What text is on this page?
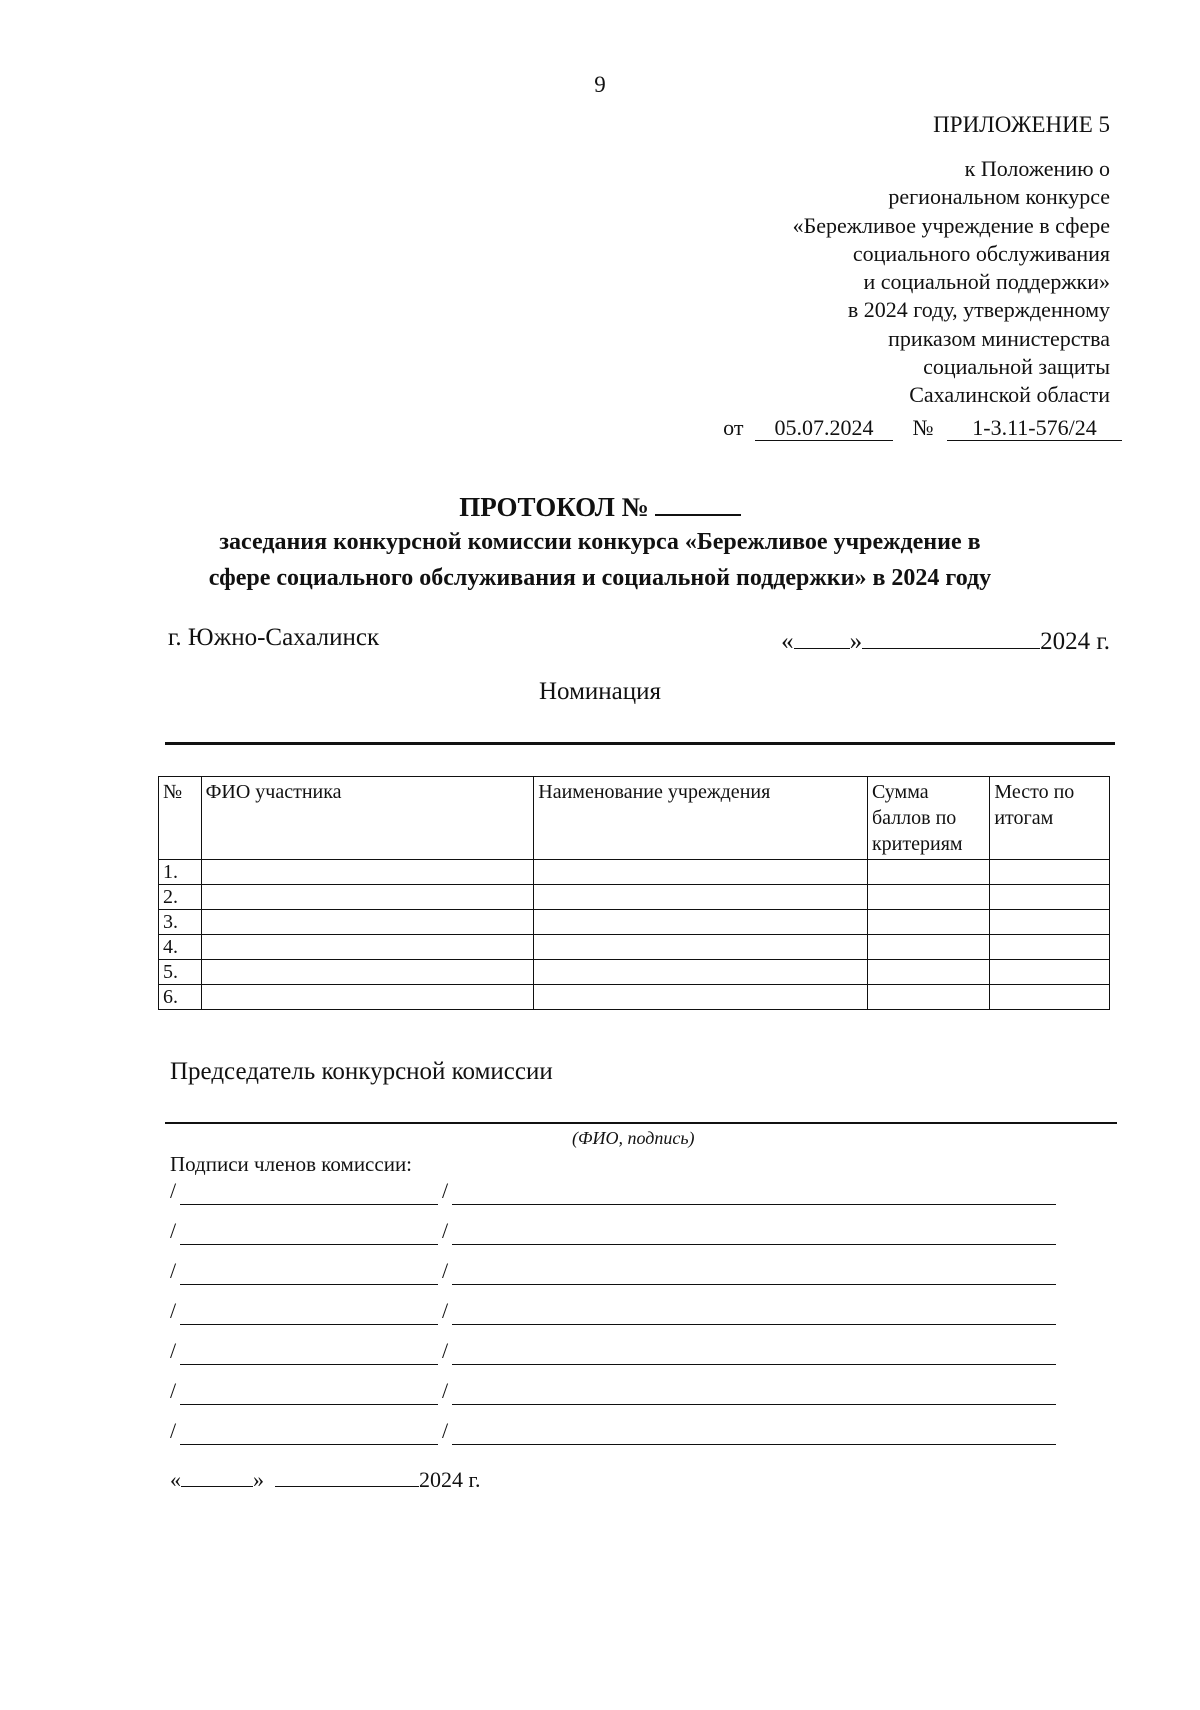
9
ПРИЛОЖЕНИЕ 5
к Положению о
региональном конкурсе
«Бережливое учреждение в сфере
социального обслуживания
и социальной поддержки»
в 2024 году, утвержденному
приказом министерства
социальной защиты
Сахалинской области
от 05.07.2024 № 1-3.11-576/24
ПРОТОКОЛ №
заседания конкурсной комиссии конкурса «Бережливое учреждение в
сфере социального обслуживания и социальной поддержки» в 2024 году
г. Южно-Сахалинск	« »	2024 г.
Номинация
№	ФИО участника	Наименование учреждения	Сумма баллов по критериям	Место по итогам
1.				
2.				
3.				
4.				
5.				
6.				
Председатель конкурсной комиссии
(ФИО, подпись)
Подписи членов комиссии:
/	/
/	/
/	/
/	/
/	/
/	/
/	/
«	»	2024 г.
